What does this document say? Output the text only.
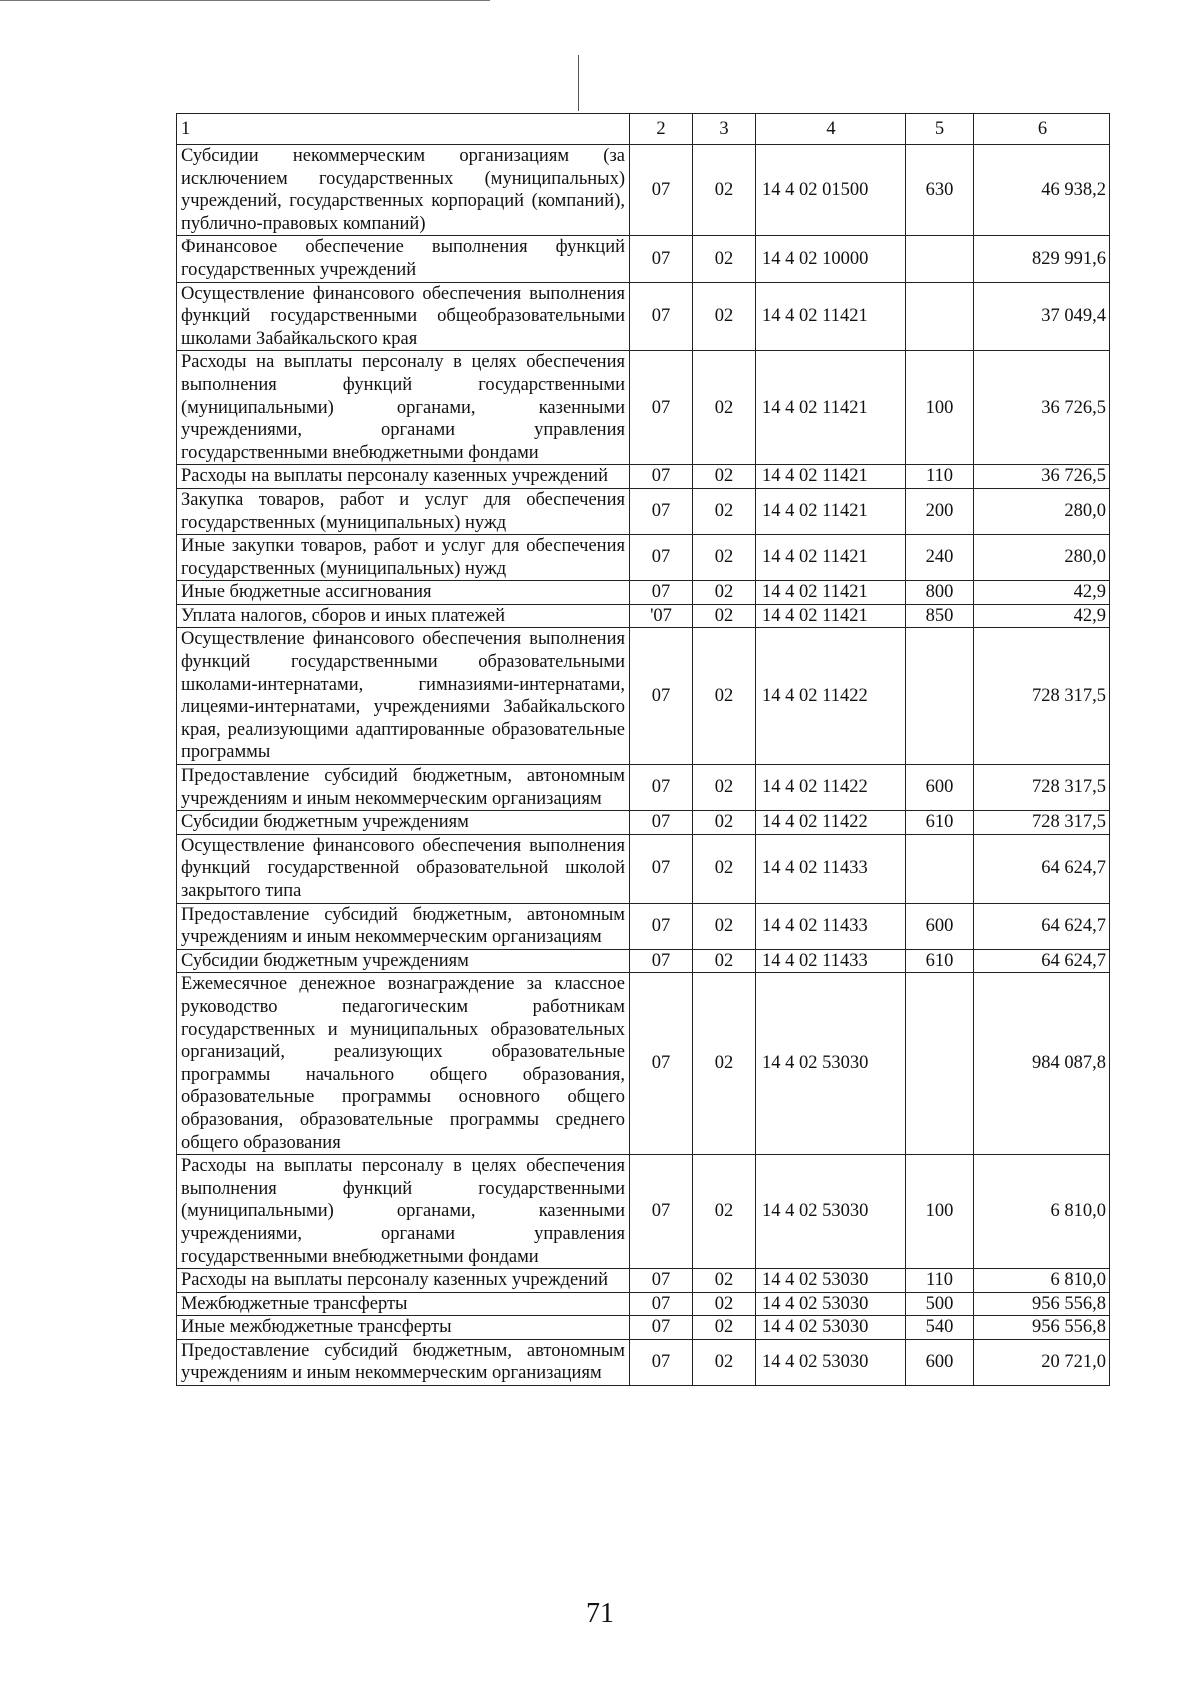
1	2	3	4	5	6
Субсидии некоммерческим организациям (за исключением государственных (муниципальных) учреждений, государственных корпораций (компаний), публично-правовых компаний)	07	02	14 4 02 01500	630	46 938,2
Финансовое обеспечение выполнения функций государственных учреждений	07	02	14 4 02 10000		829 991,6
Осуществление финансового обеспечения выполнения функций государственными общеобразовательными школами Забайкальского края	07	02	14 4 02 11421		37 049,4
Расходы на выплаты персоналу в целях обеспечения выполнения функций государственными (муниципальными) органами, казенными учреждениями, органами управления государственными внебюджетными фондами	07	02	14 4 02 11421	100	36 726,5
Расходы на выплаты персоналу казенных учреждений	07	02	14 4 02 11421	110	36 726,5
Закупка товаров, работ и услуг для обеспечения государственных (муниципальных) нужд	07	02	14 4 02 11421	200	280,0
Иные закупки товаров, работ и услуг для обеспечения государственных (муниципальных) нужд	07	02	14 4 02 11421	240	280,0
Иные бюджетные ассигнования	07	02	14 4 02 11421	800	42,9
Уплата налогов, сборов и иных платежей	'07	02	14 4 02 11421	850	42,9
Осуществление финансового обеспечения выполнения функций государственными образовательными школами-интернатами, гимназиями-интернатами, лицеями-интернатами, учреждениями Забайкальского края, реализующими адаптированные образовательные программы	07	02	14 4 02 11422		728 317,5
Предоставление субсидий бюджетным, автономным учреждениям и иным некоммерческим организациям	07	02	14 4 02 11422	600	728 317,5
Субсидии бюджетным учреждениям	07	02	14 4 02 11422	610	728 317,5
Осуществление финансового обеспечения выполнения функций государственной образовательной школой закрытого типа	07	02	14 4 02 11433		64 624,7
Предоставление субсидий бюджетным, автономным учреждениям и иным некоммерческим организациям	07	02	14 4 02 11433	600	64 624,7
Субсидии бюджетным учреждениям	07	02	14 4 02 11433	610	64 624,7
Ежемесячное денежное вознаграждение за классное руководство педагогическим работникам государственных и муниципальных образовательных организаций, реализующих образовательные программы начального общего образования, образовательные программы основного общего образования, образовательные программы среднего общего образования	07	02	14 4 02 53030		984 087,8
Расходы на выплаты персоналу в целях обеспечения выполнения функций государственными (муниципальными) органами, казенными учреждениями, органами управления государственными внебюджетными фондами	07	02	14 4 02 53030	100	6 810,0
Расходы на выплаты персоналу казенных учреждений	07	02	14 4 02 53030	110	6 810,0
Межбюджетные трансферты	07	02	14 4 02 53030	500	956 556,8
Иные межбюджетные трансферты	07	02	14 4 02 53030	540	956 556,8
Предоставление субсидий бюджетным, автономным учреждениям и иным некоммерческим организациям	07	02	14 4 02 53030	600	20 721,0
71
